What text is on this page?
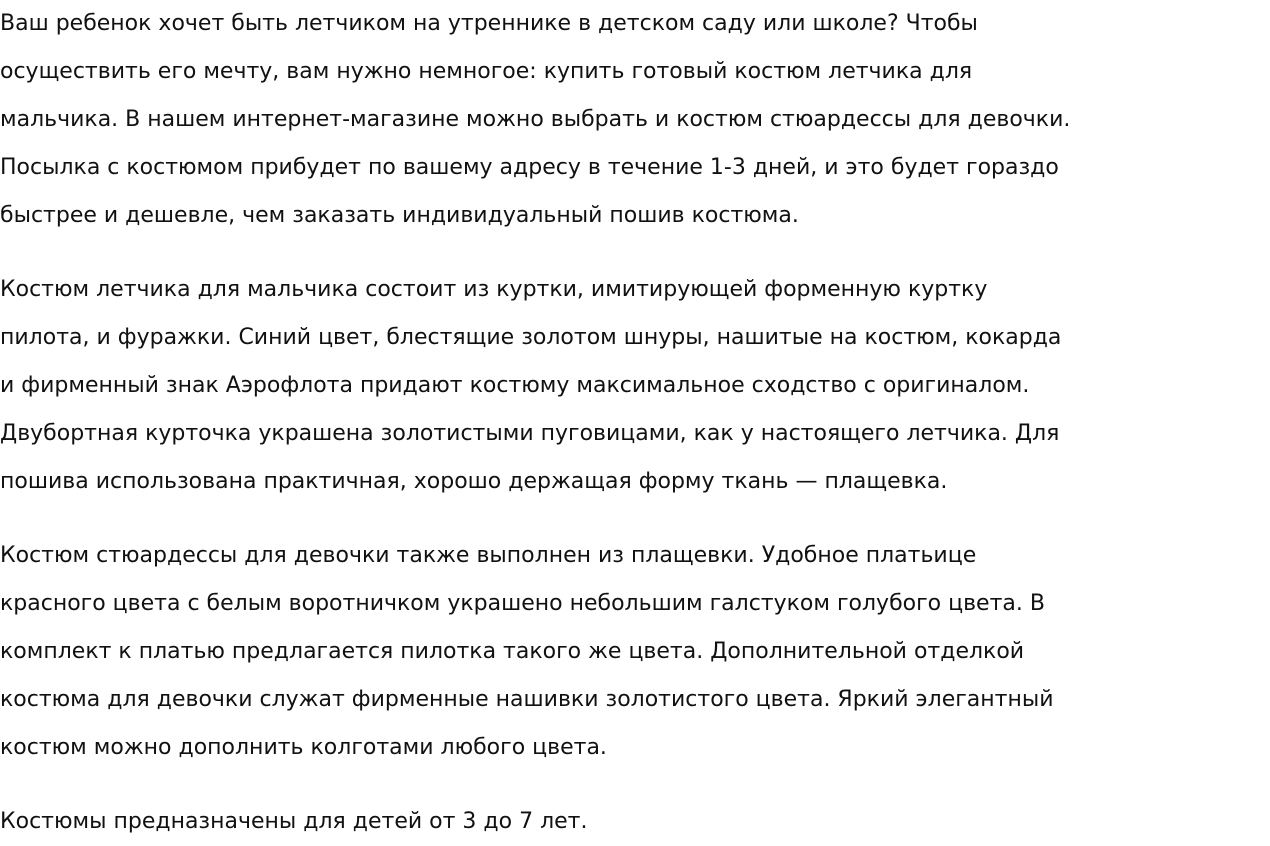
Ваш ребенок хочет быть летчиком на утреннике в детском саду или школе? Чтобы
осуществить его мечту, вам нужно немногое: купить готовый костюм летчика для
мальчика. В нашем интернет-магазине можно выбрать и костюм стюардессы для девочки.
Посылка с костюмом прибудет по вашему адресу в течение 1-3 дней, и это будет гораздо
быстрее и дешевле, чем заказать индивидуальный пошив костюма.

Костюм летчика для мальчика состоит из куртки, имитирующей форменную куртку
пилота, и фуражки. Синий цвет, блестящие золотом шнуры, нашитые на костюм, кокарда
и фирменный знак Аэрофлота придают костюму максимальное сходство с оригиналом.
Двубортная курточка украшена золотистыми пуговицами, как у настоящего летчика. Для
пошива использована практичная, хорошо держащая форму ткань — плащевка.

Костюм стюардессы для девочки также выполнен из плащевки. Удобное платьице
красного цвета с белым воротничком украшено небольшим галстуком голубого цвета. В
комплект к платью предлагается пилотка такого же цвета. Дополнительной отделкой
костюма для девочки служат фирменные нашивки золотистого цвета. Яркий элегантный
костюм можно дополнить колготами любого цвета.

Костюмы предназначены для детей от 3 до 7 лет.
